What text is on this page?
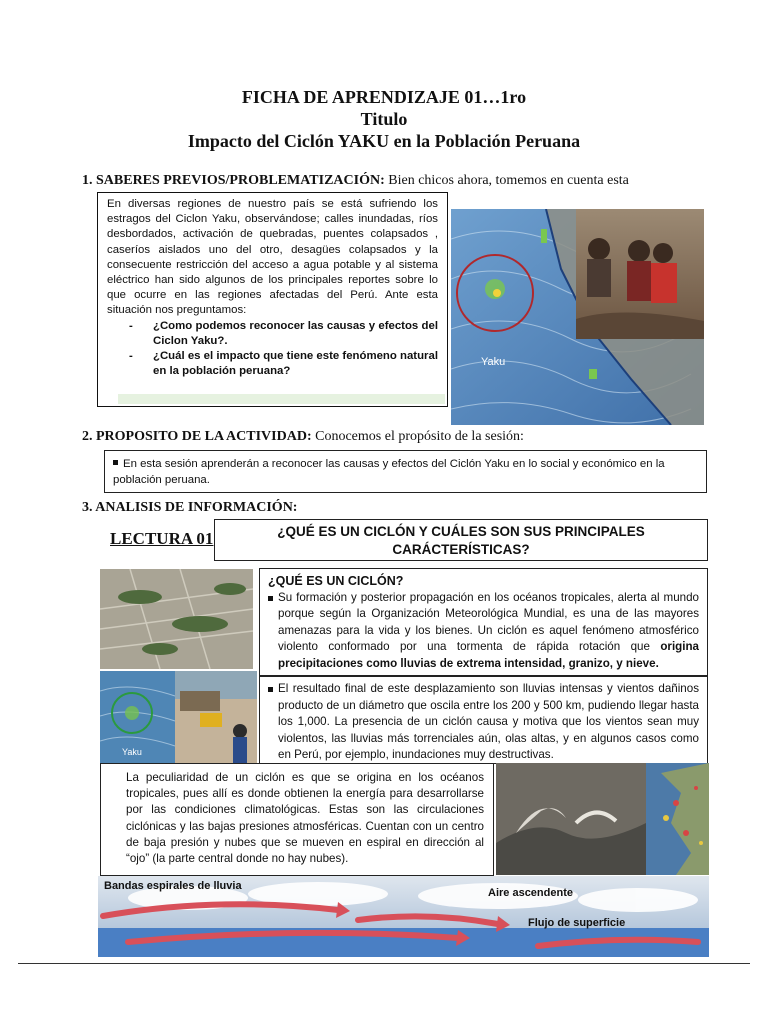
FICHA DE APRENDIZAJE 01…1ro
Titulo
Impacto del Ciclón YAKU en la Población Peruana
1. SABERES PREVIOS/PROBLEMATIZACIÓN: Bien chicos ahora, tomemos en cuenta esta
En diversas regiones de nuestro país se está sufriendo los estragos del Ciclon Yaku, observándose; calles inundadas, ríos desbordados, activación de quebradas, puentes colapsados , caseríos aislados uno del otro, desagües colapsados y la consecuente restricción del acceso a agua potable y al sistema eléctrico han sido algunos de los principales reportes sobre lo que ocurre en las regiones afectadas del Perú. Ante esta situación nos preguntamos:
-	¿Como podemos reconocer las causas y efectos del Ciclon Yaku?.
-	¿Cuál es el impacto que tiene este fenómeno natural en la población peruana?
Yaku
2. PROPOSITO DE LA ACTIVIDAD: Conocemos el propósito de la sesión:
En esta sesión aprenderán a reconocer las causas y efectos del Ciclón Yaku en lo social y económico en la población peruana.
3. ANALISIS DE INFORMACIÓN:
LECTURA 01	¿QUÉ ES UN CICLÓN Y CUÁLES SON SUS PRINCIPALES CARÁCTERÍSTICAS?
¿QUÉ ES UN CICLÓN?
Su formación y posterior propagación en los océanos tropicales, alerta al mundo porque según la Organización Meteorológica Mundial, es una de las mayores amenazas para la vida y los bienes. Un ciclón es aquel fenómeno atmosférico violento conformado por una tormenta de rápida rotación que origina precipitaciones como lluvias de extrema intensidad, granizo, y nieve.
Yaku
El resultado final de este desplazamiento son lluvias intensas y vientos dañinos producto de un diámetro que oscila entre los 200 y 500 km, pudiendo llegar hasta los 1,000. La presencia de un ciclón causa y motiva que los vientos sean muy violentos, las lluvias más torrenciales aún, olas altas, y en algunos casos como en Perú, por ejemplo, inundaciones muy destructivas.
La peculiaridad de un ciclón es que se origina en los océanos tropicales, pues allí es donde obtienen la energía para desarrollarse por las condiciones climatológicas. Estas son las circulaciones ciclónicas y las bajas presiones atmosféricas. Cuentan con un centro de baja presión y nubes que se mueven en espiral en dirección al “ojo” (la parte central donde no hay nubes).
Bandas espirales de lluvia
Aire ascendente
Flujo de superficie
